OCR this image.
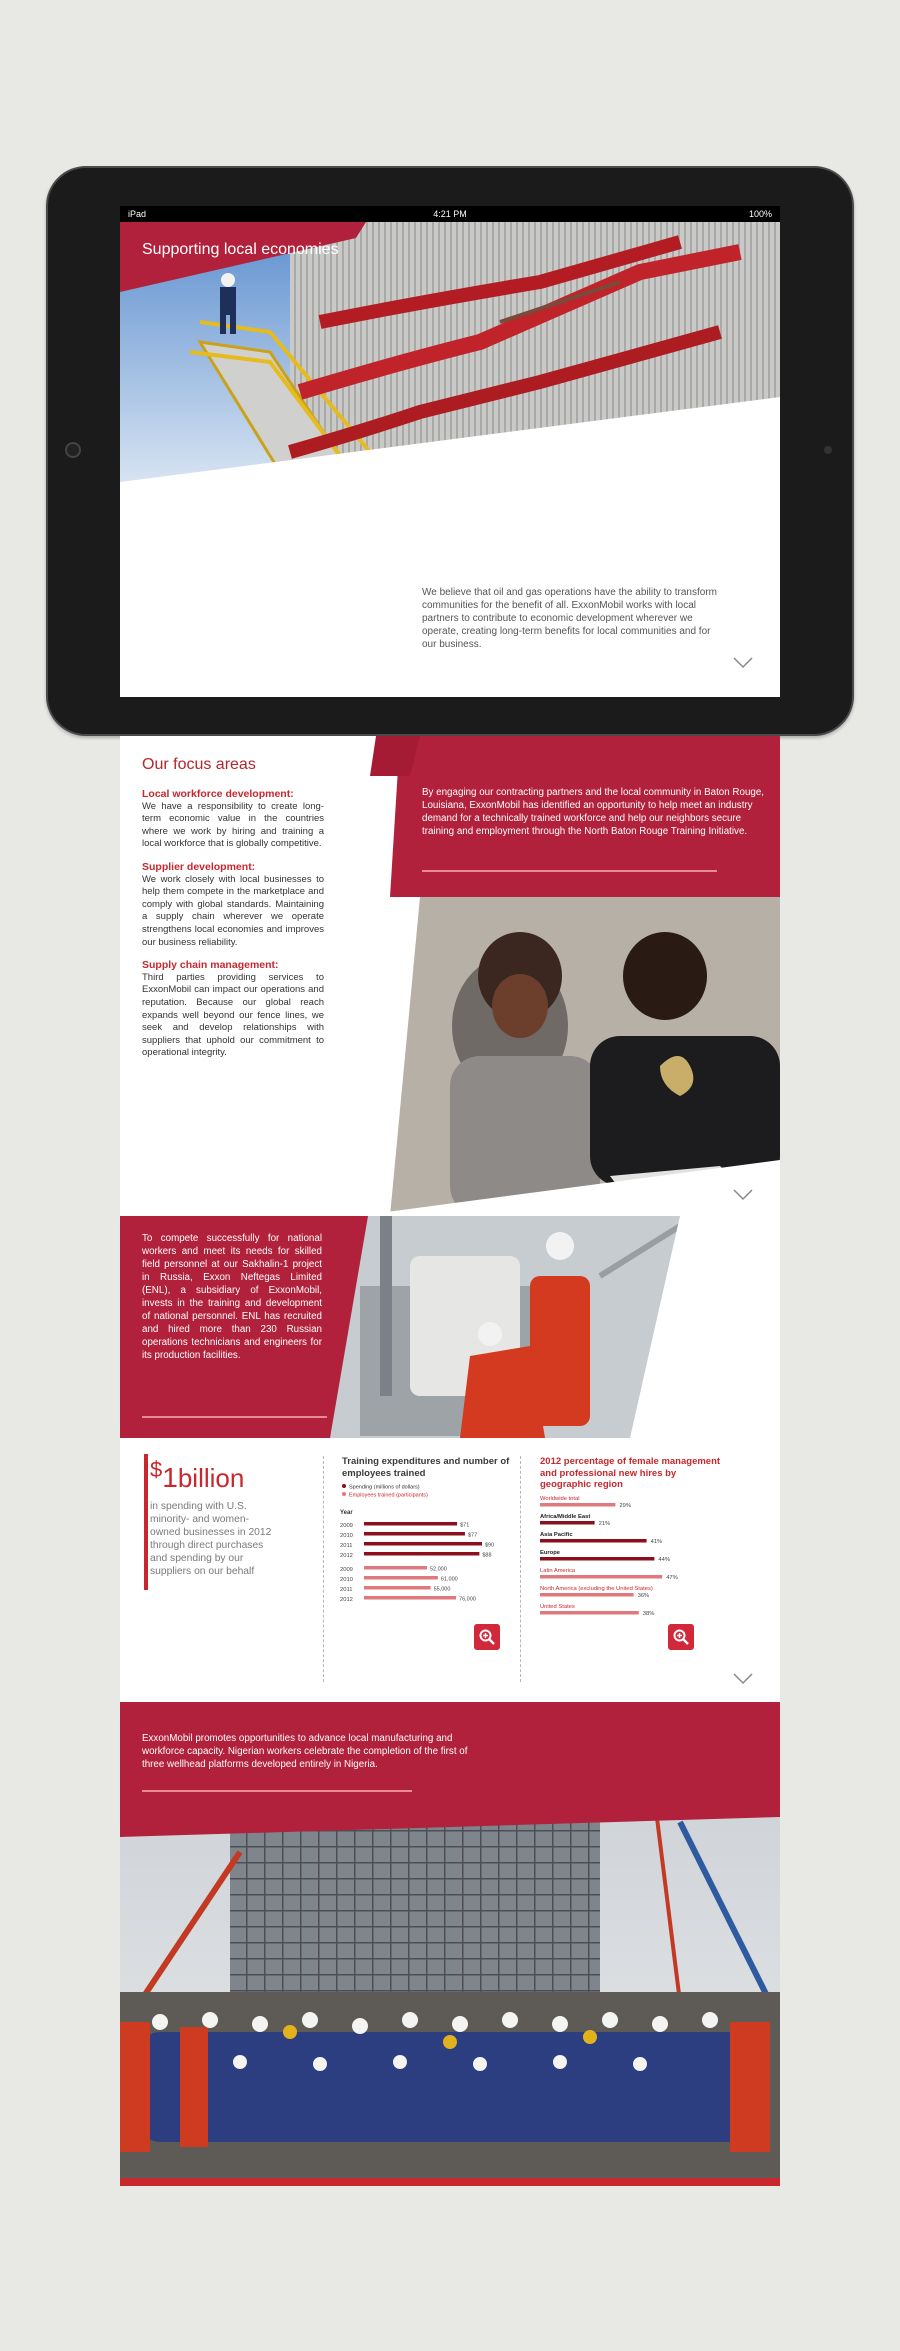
iPad	4:21 PM	100%
Supporting local economies
We believe that oil and gas operations have the ability to transform communities for the benefit of all. ExxonMobil works with local partners to contribute to economic development wherever we operate, creating long-term benefits for local communities and for our business.
Our focus areas
Local workforce development:

We have a responsibility to create long-term economic value in the countries where we work by hiring and training a local workforce that is globally competitive.

Supplier development:

We work closely with local businesses to help them compete in the marketplace and comply with global standards. Maintaining a supply chain wherever we operate strengthens local economies and improves our business reliability.

Supply chain management:

Third parties providing services to ExxonMobil can impact our operations and reputation. Because our global reach expands well beyond our fence lines, we seek and develop relationships with suppliers that uphold our commitment to operational integrity.

By engaging our contracting partners and the local community in Baton Rouge, Louisiana, ExxonMobil has identified an opportunity to help meet an industry demand for a technically trained workforce and help our neighbors secure training and employment through the North Baton Rouge Training Initiative.
To compete successfully for national workers and meet its needs for skilled field personnel at our Sakhalin-1 project in Russia, Exxon Neftegas Limited (ENL), a subsidiary of ExxonMobil, invests in the training and development of national personnel. ENL has recruited and hired more than 230 Russian operations technicians and engineers for its production facilities.
$1billion
in spending with U.S. minority- and women-owned businesses in 2012 through direct purchases and spending by our suppliers on our behalf
Training expenditures and number of employees trained
Spending (millions of dollars)
Employees trained (participants)
Year
2009	$71
2010	$77
2011	$90
2012	$88
2009	52,000
2010	61,000
2011	55,000
2012	76,000
2012 percentage of female management and professional new hires by geographic region
Worldwide total
29%
Africa/Middle East
21%
Asia Pacific
41%
Europe
44%
Latin America
47%
North America (excluding the United States)
36%
United States
38%
ExxonMobil promotes opportunities to advance local manufacturing and workforce capacity. Nigerian workers celebrate the completion of the first of three wellhead platforms developed entirely in Nigeria.
